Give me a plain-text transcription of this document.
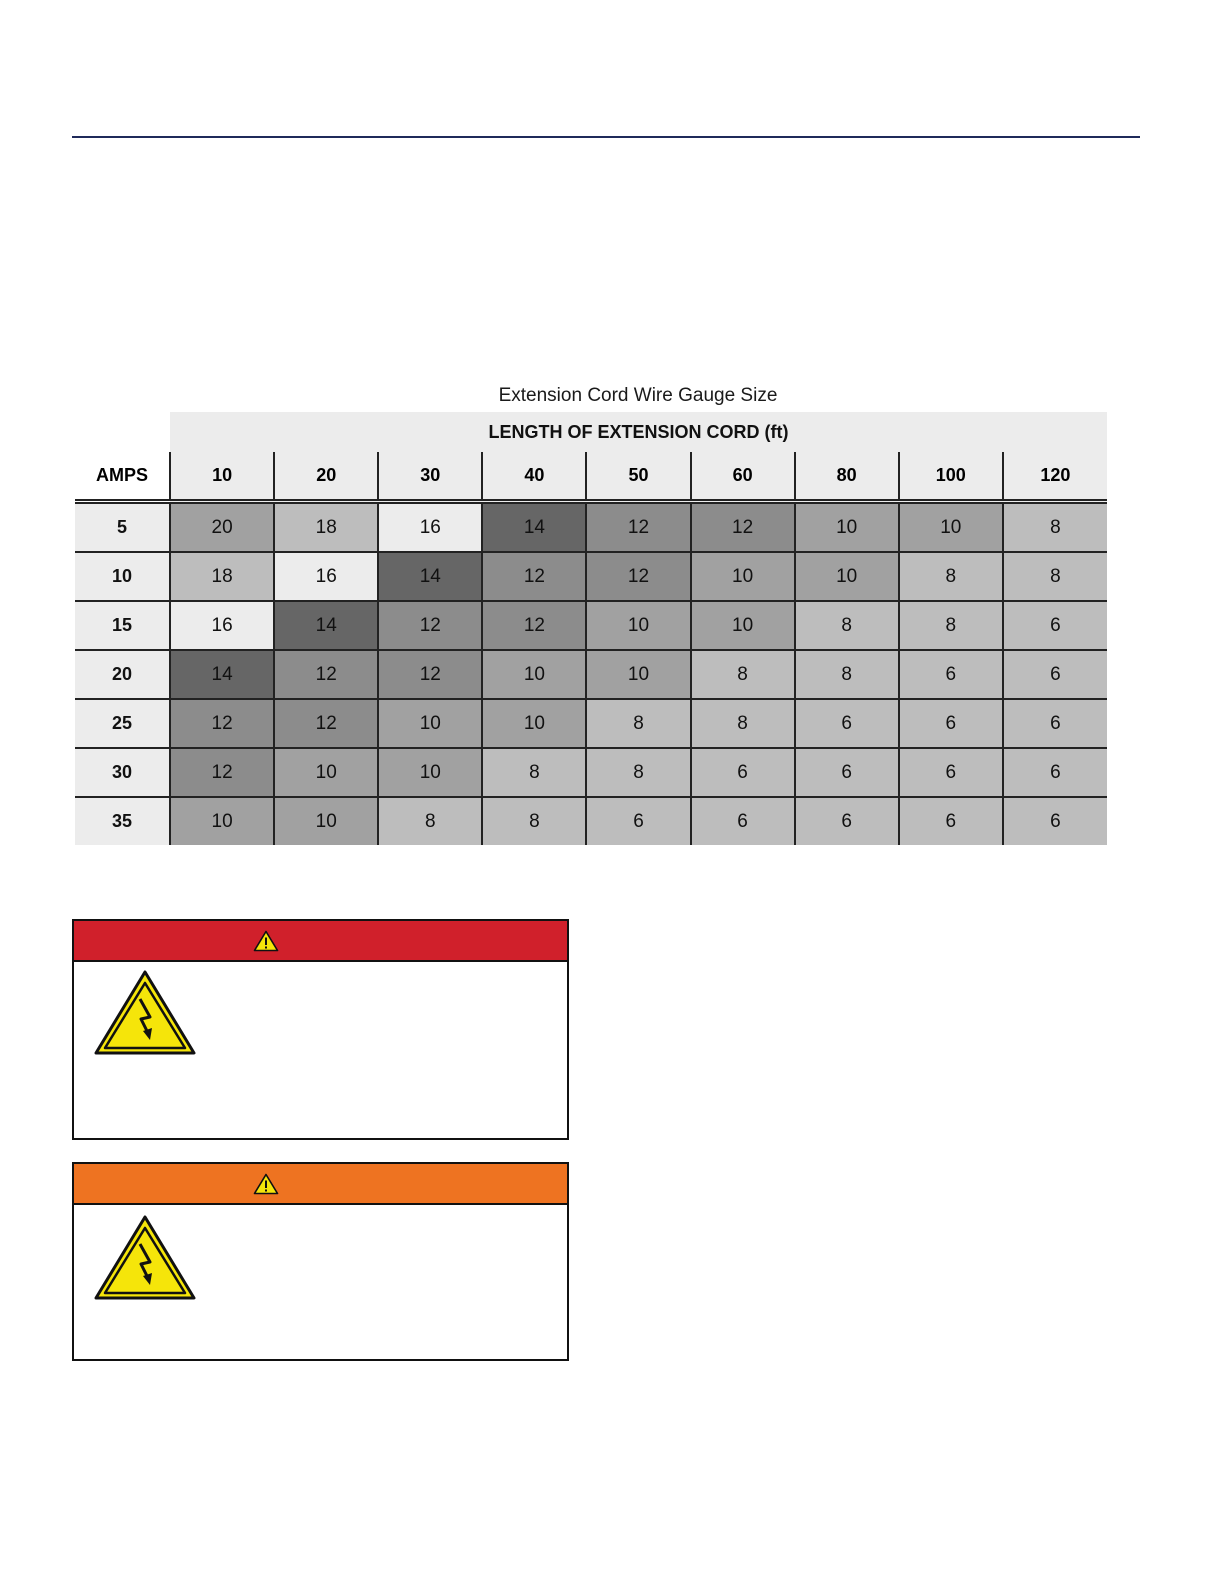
Extension Cord Wire Gauge Size
	LENGTH OF EXTENSION CORD (ft)								
AMPS	10	20	30	40	50	60	80	100	120
5	20	18	16	14	12	12	10	10	8
10	18	16	14	12	12	10	10	8	8
15	16	14	12	12	10	10	8	8	6
20	14	12	12	10	10	8	8	6	6
25	12	12	10	10	8	8	6	6	6
30	12	10	10	8	8	6	6	6	6
35	10	10	8	8	6	6	6	6	6
